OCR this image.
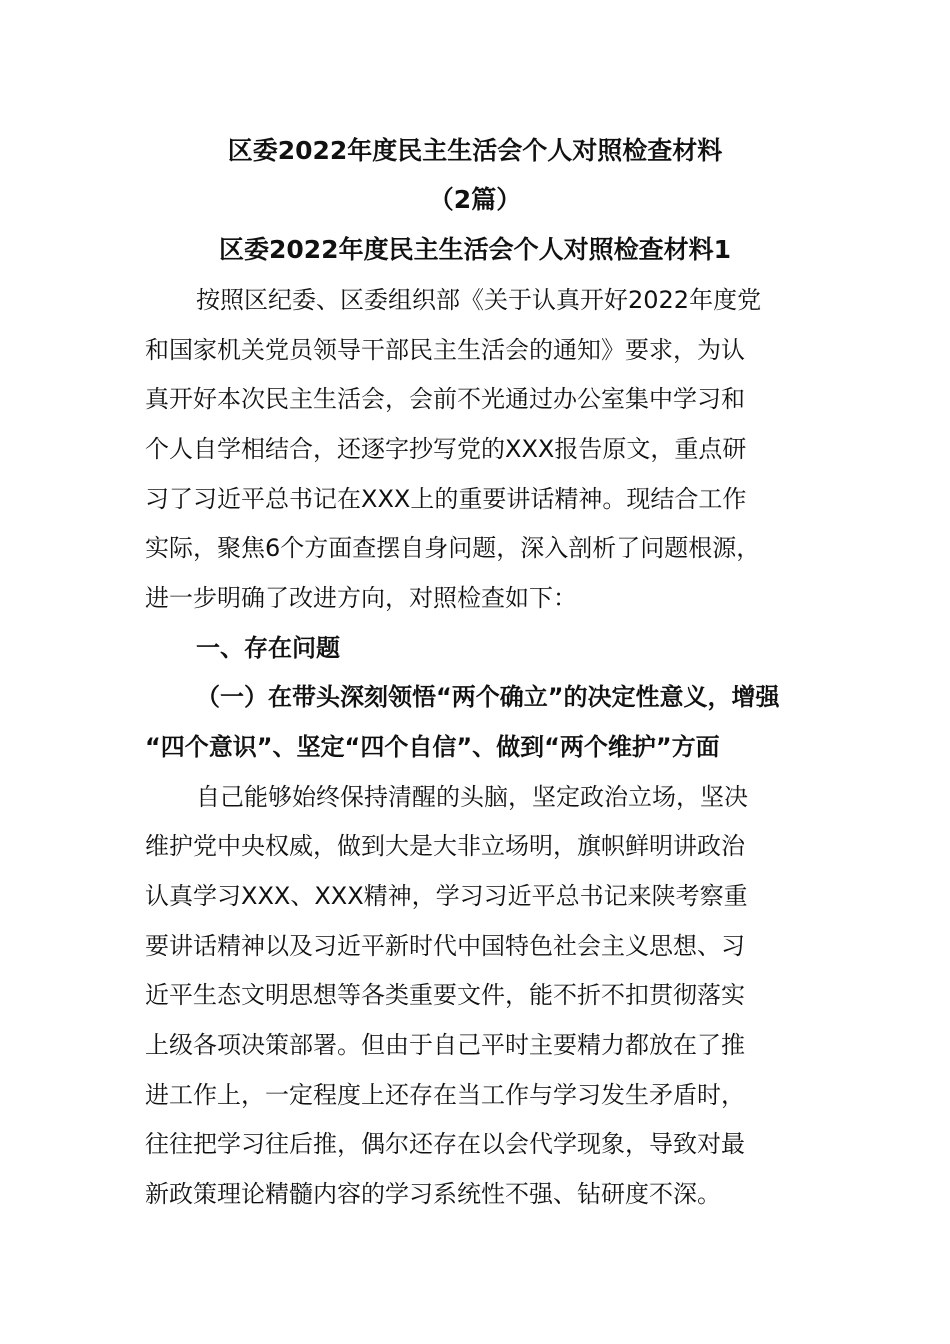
区委2022年度民主生活会个人对照检查材料
（2篇）
区委2022年度民主生活会个人对照检查材料1
按照区纪委、区委组织部《关于认真开好2022年度党
和国家机关党员领导干部民主生活会的通知》要求，为认
真开好本次民主生活会，会前不光通过办公室集中学习和
个人自学相结合，还逐字抄写党的XXX报告原文，重点研
习了习近平总书记在XXX上的重要讲话精神。现结合工作
实际，聚焦6个方面查摆自身问题，深入剖析了问题根源，
进一步明确了改进方向，对照检查如下：
一、存在问题
（一）在带头深刻领悟“两个确立”的决定性意义，增强
“四个意识”、坚定“四个自信”、做到“两个维护”方面
自己能够始终保持清醒的头脑，坚定政治立场，坚决
维护党中央权威，做到大是大非立场明，旗帜鲜明讲政治
认真学习XXX、XXX精神，学习习近平总书记来陕考察重
要讲话精神以及习近平新时代中国特色社会主义思想、习
近平生态文明思想等各类重要文件，能不折不扣贯彻落实
上级各项决策部署。但由于自己平时主要精力都放在了推
进工作上，一定程度上还存在当工作与学习发生矛盾时，
往往把学习往后推，偶尔还存在以会代学现象，导致对最
新政策理论精髓内容的学习系统性不强、钻研度不深。
